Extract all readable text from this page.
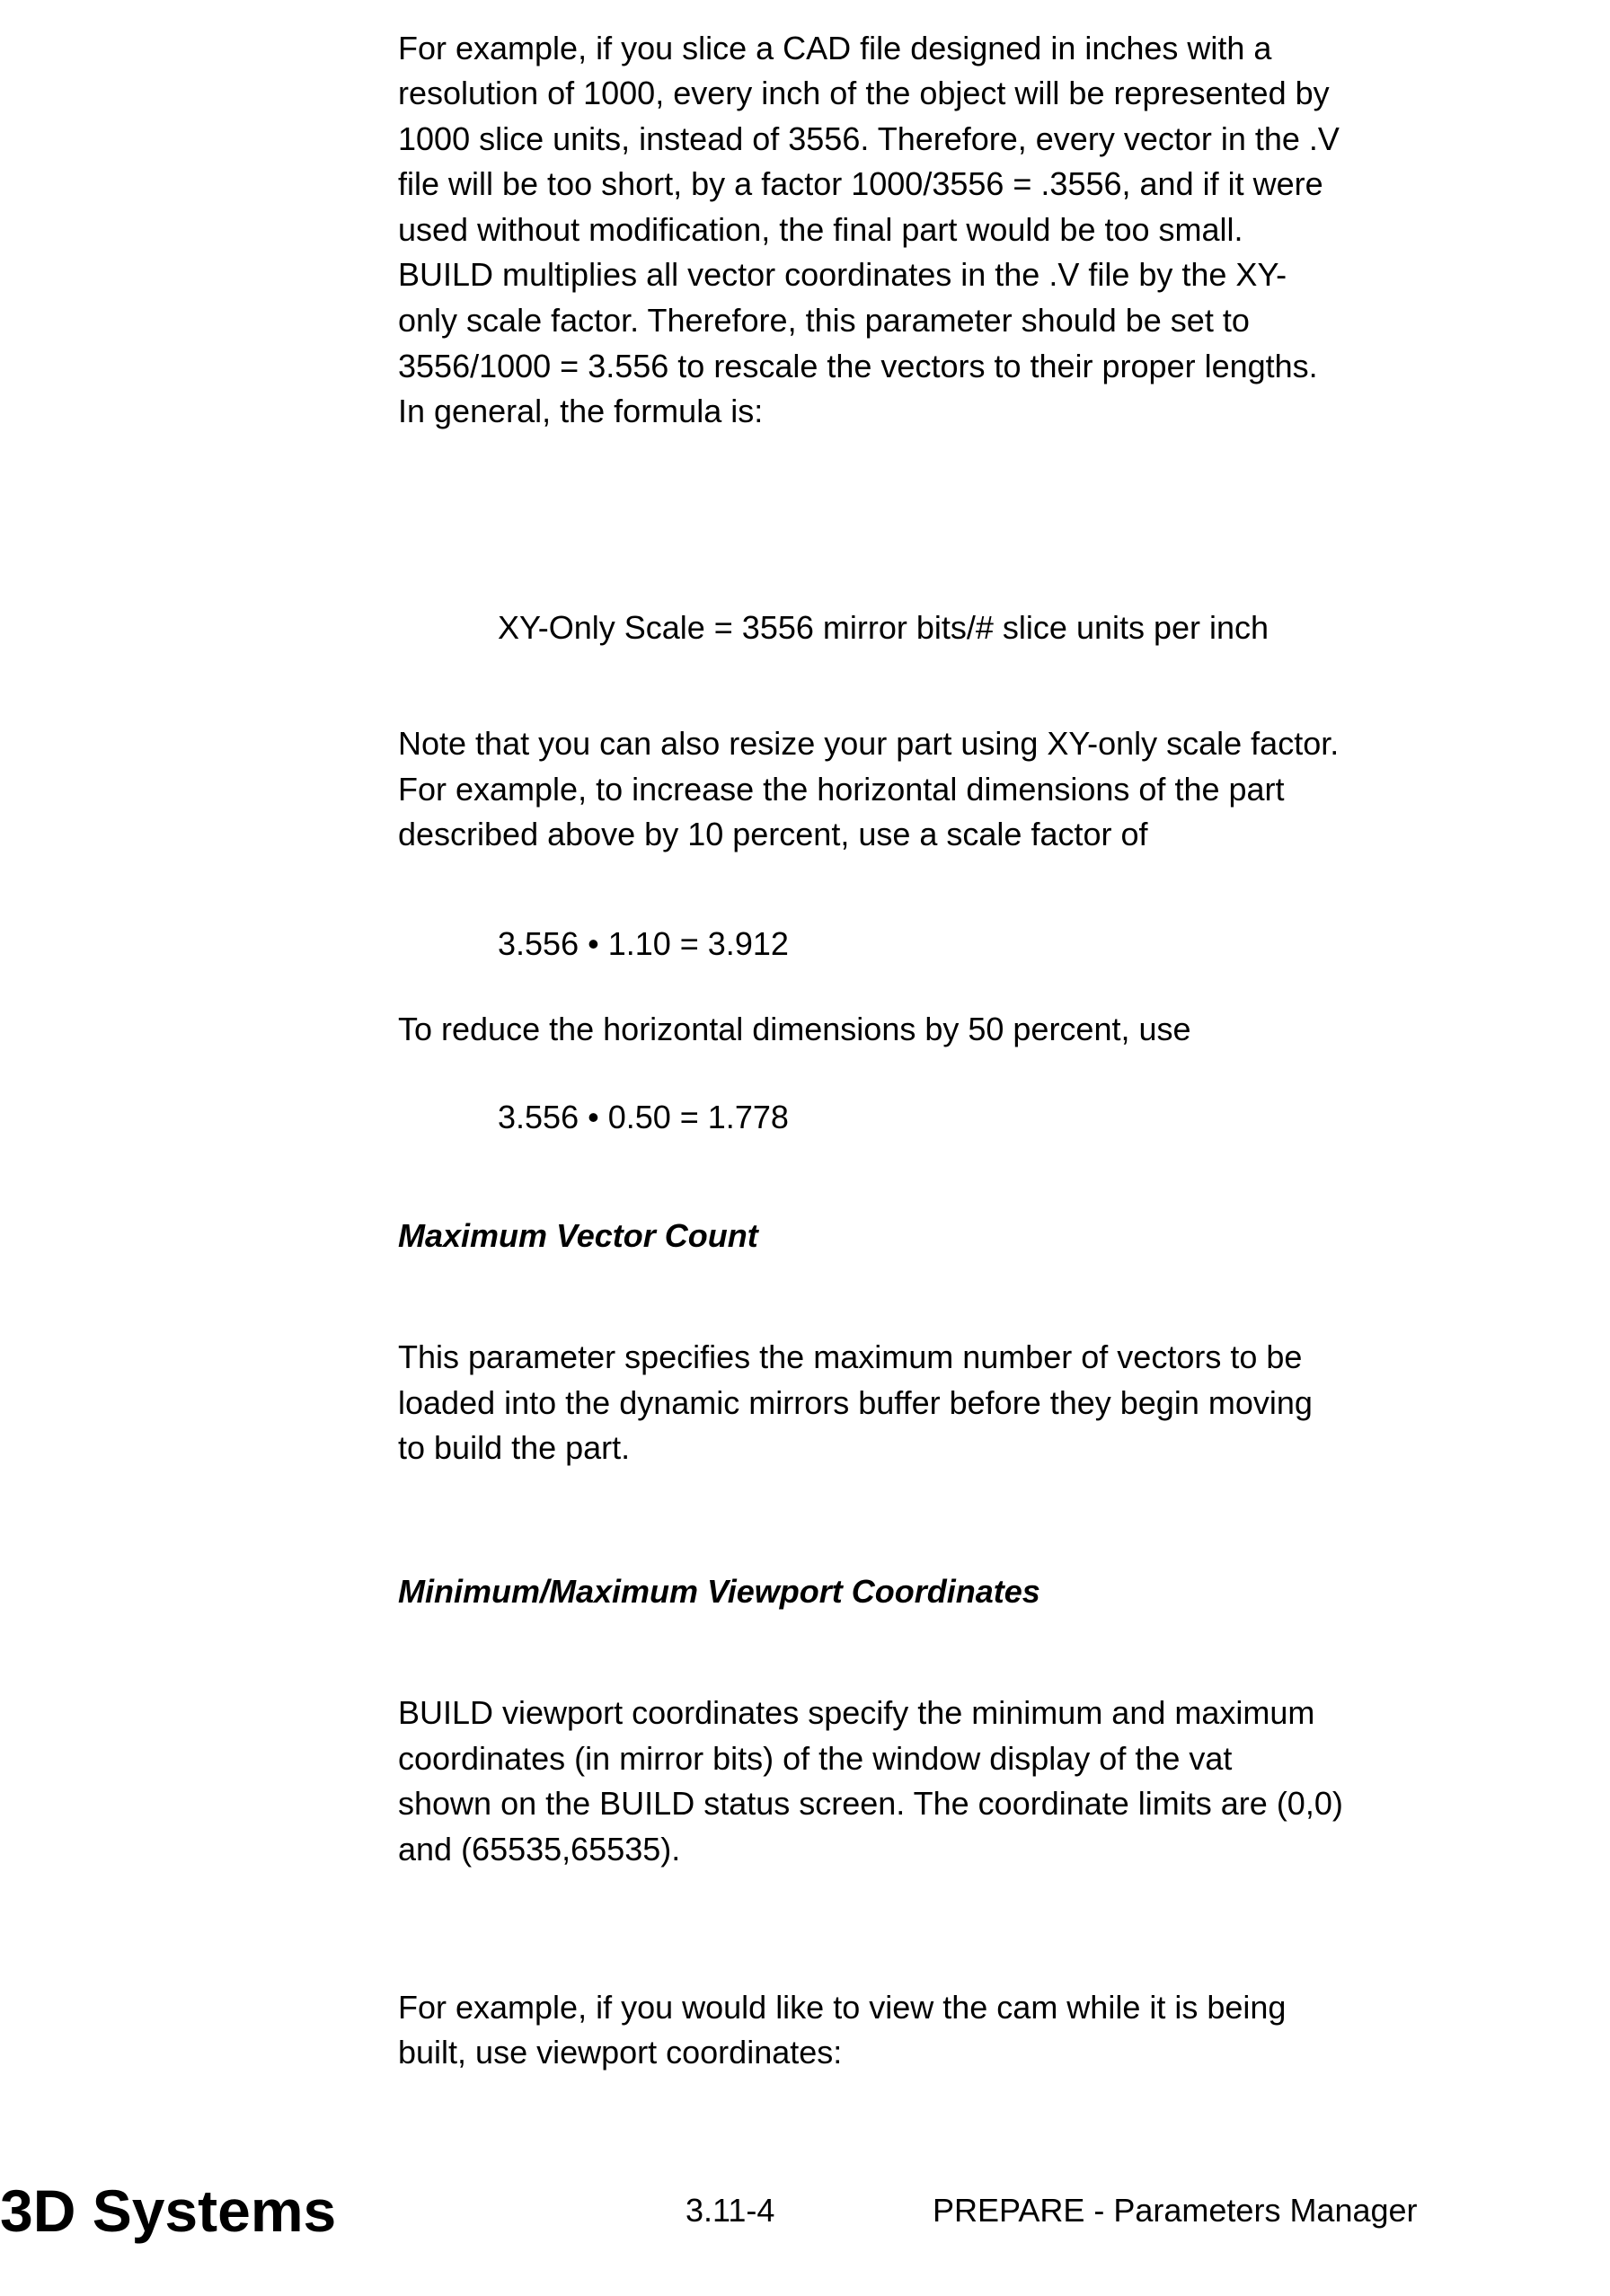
For example, if you slice a CAD file designed in inches with a
resolution of 1000, every inch of the object will be represented by
1000 slice units, instead of 3556. Therefore, every vector in the .V
file will be too short, by a factor 1000/3556 = .3556, and if it were
used without modification, the final part would be too small.
BUILD multiplies all vector coordinates in the .V file by the XY-
only scale factor. Therefore, this parameter should be set to
3556/1000 = 3.556 to rescale the vectors to their proper lengths.
In general, the formula is:
XY-Only Scale = 3556 mirror bits/# slice units per inch
Note that you can also resize your part using XY-only scale factor.
For example, to increase the horizontal dimensions of the part
described above by 10 percent, use a scale factor of
3.556 • 1.10 = 3.912
To reduce the horizontal dimensions by 50 percent, use
3.556 • 0.50 = 1.778
Maximum Vector Count
This parameter specifies the maximum number of vectors to be
loaded into the dynamic mirrors buffer before they begin moving
to build the part.
Minimum/Maximum Viewport Coordinates
BUILD viewport coordinates specify the minimum and maximum
coordinates (in mirror bits) of the window display of the vat
shown on the BUILD status screen. The coordinate limits are (0,0)
and (65535,65535).
For example, if you would like to view the cam while it is being
built, use viewport coordinates:
3D Systems	3.11-4	PREPARE - Parameters Manager
